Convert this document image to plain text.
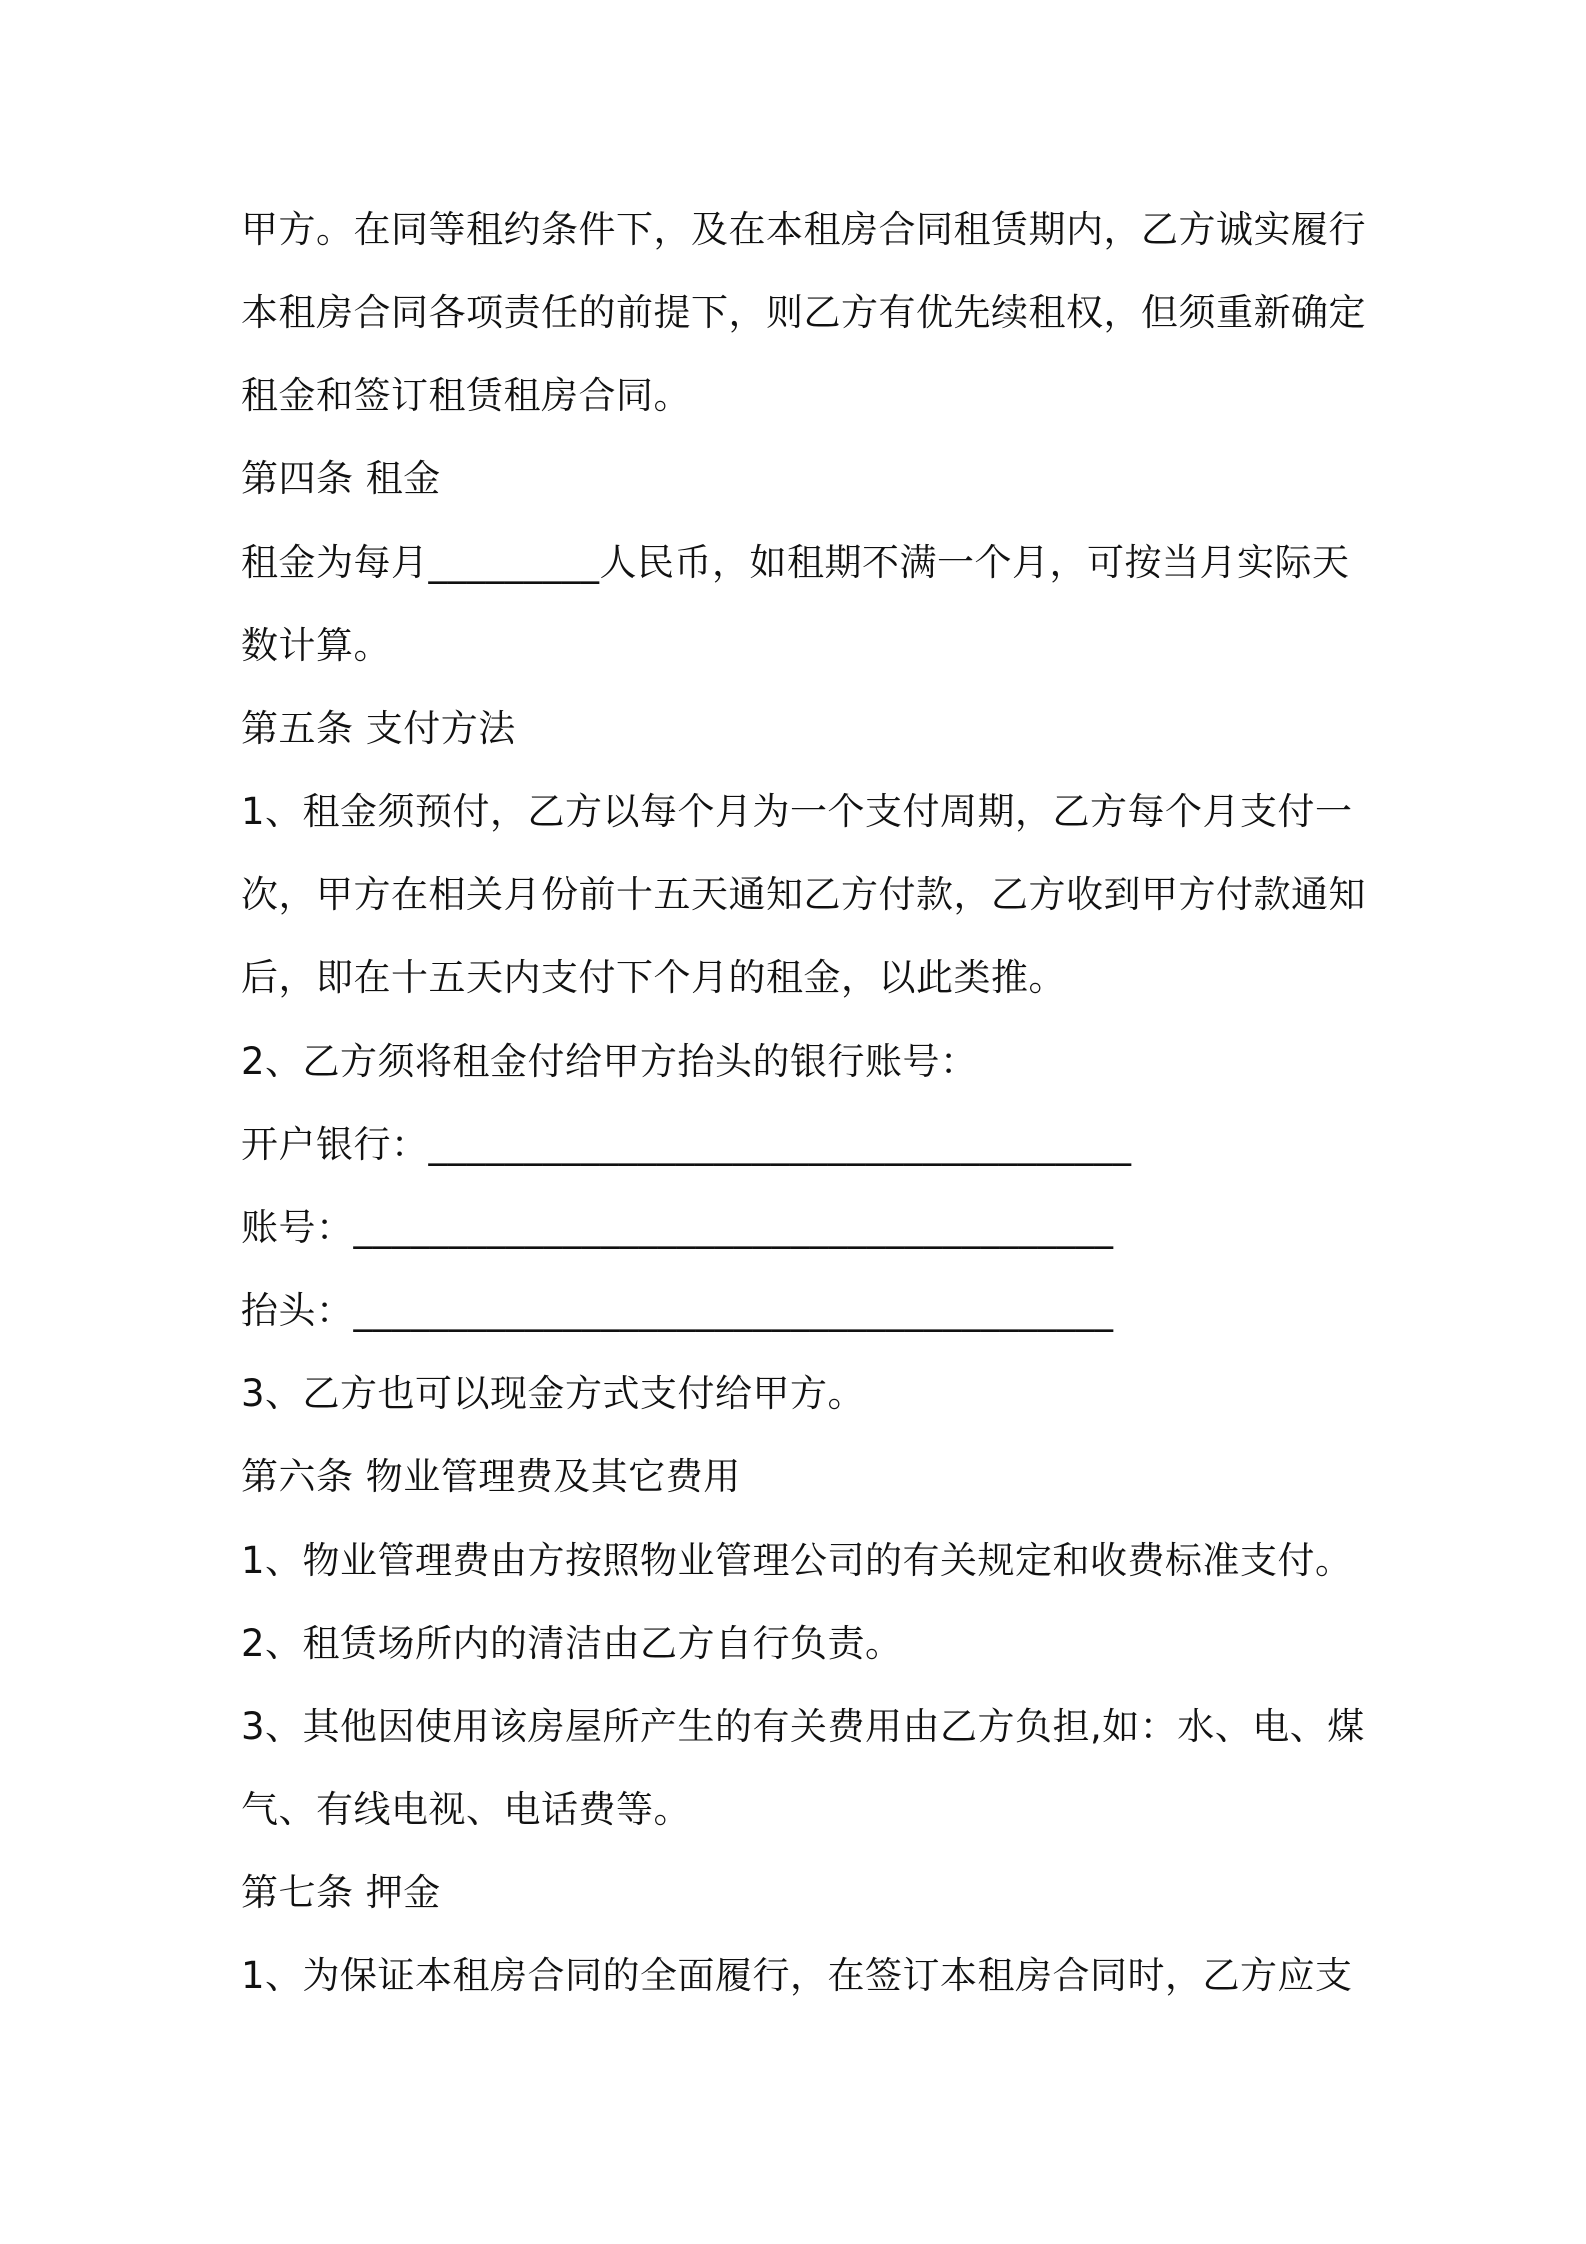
甲方。在同等租约条件下，及在本租房合同租赁期内，乙方诚实履行
本租房合同各项责任的前提下，则乙方有优先续租权，但须重新确定
租金和签订租赁租房合同。
第四条 租金
租金为每月_________人民币，如租期不满一个月，可按当月实际天
数计算。
第五条 支付方法
1、租金须预付，乙方以每个月为一个支付周期，乙方每个月支付一
次，甲方在相关月份前十五天通知乙方付款，乙方收到甲方付款通知
后，即在十五天内支付下个月的租金，以此类推。
2、乙方须将租金付给甲方抬头的银行账号：
开户银行：_____________________________________
账号：________________________________________
抬头：________________________________________
3、乙方也可以现金方式支付给甲方。
第六条 物业管理费及其它费用
1、物业管理费由方按照物业管理公司的有关规定和收费标准支付。
2、租赁场所内的清洁由乙方自行负责。
3、其他因使用该房屋所产生的有关费用由乙方负担,如：水、电、煤
气、有线电视、电话费等。
第七条 押金
1、为保证本租房合同的全面履行，在签订本租房合同时，乙方应支
